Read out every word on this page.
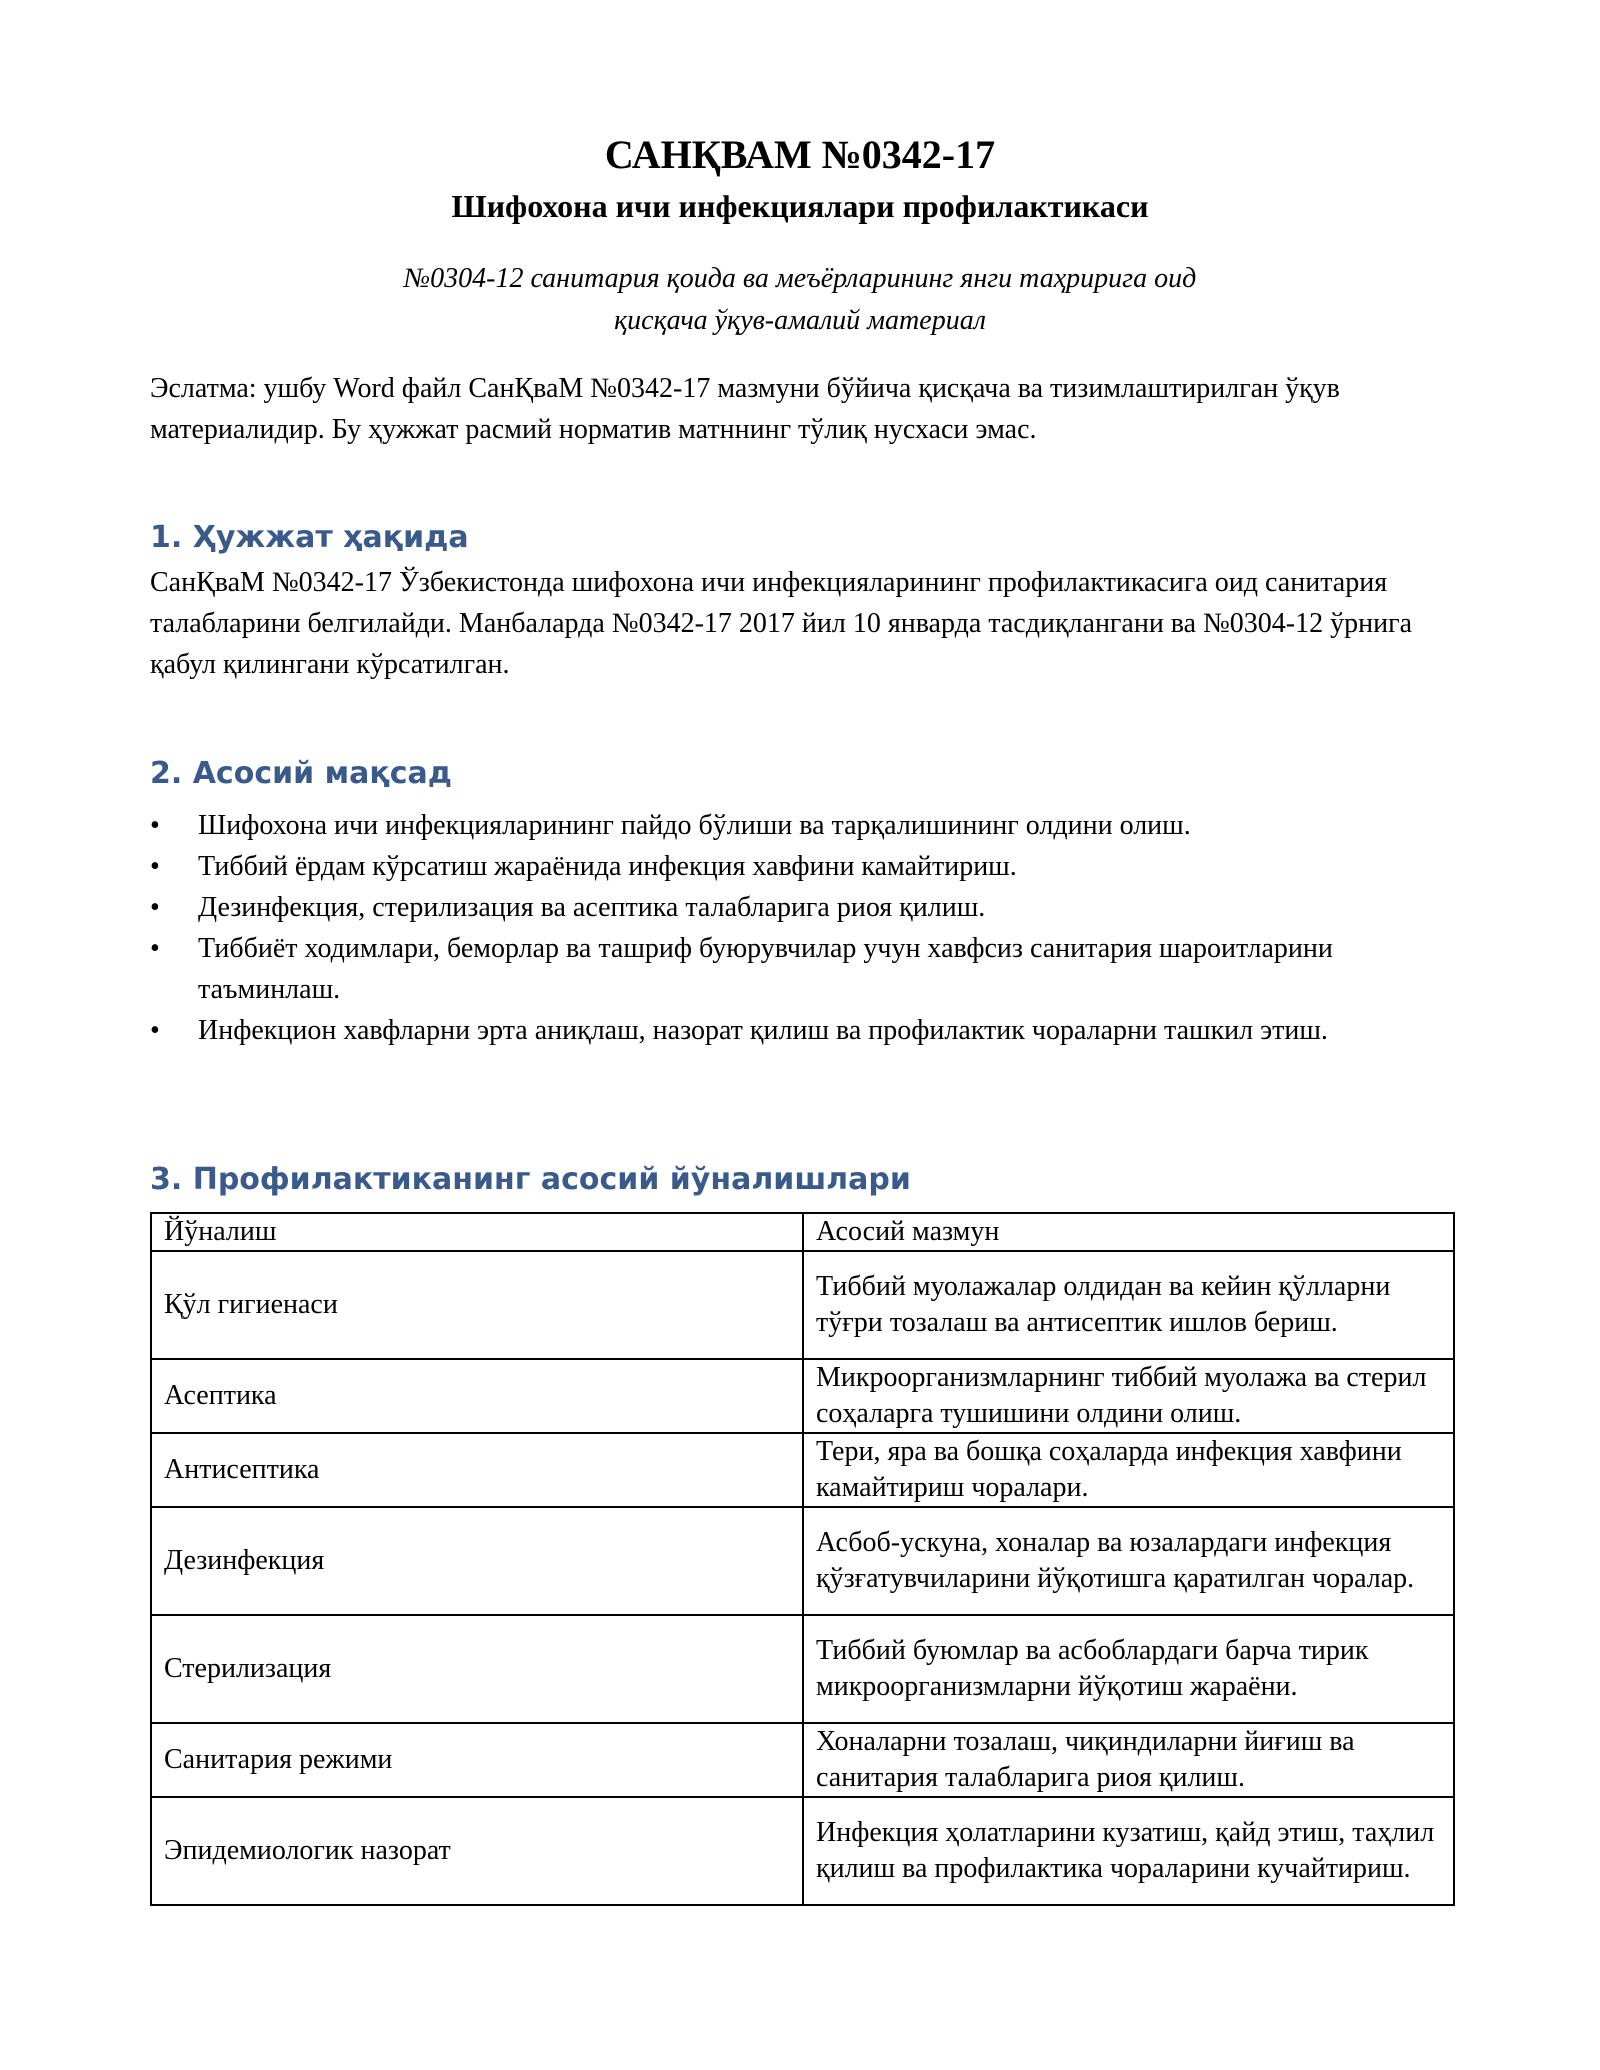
САНҚВАМ №0342-17
Шифохона ичи инфекциялари профилактикаси
№0304-12 санитария қоида ва меъёрларининг янги таҳририга оид
қисқача ўқув-амалий материал

Эслатма: ушбу Word файл СанҚваМ №0342-17 мазмуни бўйича қисқача ва тизимлаштирилган ўқув материалидир. Бу ҳужжат расмий норматив матннинг тўлиқ нусхаси эмас.

1. Ҳужжат ҳақида

СанҚваМ №0342-17 Ўзбекистонда шифохона ичи инфекцияларининг профилактикасига оид санитария талабларини белгилайди. Манбаларда №0342-17 2017 йил 10 январда тасдиқлангани ва №0304-12 ўрнига қабул қилингани кўрсатилган.

2. Асосий мақсад
•	Шифохона ичи инфекцияларининг пайдо бўлиши ва тарқалишининг олдини олиш.
•	Тиббий ёрдам кўрсатиш жараёнида инфекция хавфини камайтириш.
•	Дезинфекция, стерилизация ва асептика талабларига риоя қилиш.
•	Тиббиёт ходимлари, беморлар ва ташриф буюрувчилар учун хавфсиз санитария шароитларини таъминлаш.
•	Инфекцион хавфларни эрта аниқлаш, назорат қилиш ва профилактик чораларни ташкил этиш.
3. Профилактиканинг асосий йўналишлари
Йўналиш	Асосий мазмун
Қўл гигиенаси	Тиббий муолажалар олдидан ва кейин қўлларни тўғри тозалаш ва антисептик ишлов бериш.
Асептика	Микроорганизмларнинг тиббий муолажа ва стерил соҳаларга тушишини олдини олиш.
Антисептика	Тери, яра ва бошқа соҳаларда инфекция хавфини камайтириш чоралари.
Дезинфекция	Асбоб-ускуна, хоналар ва юзалардаги инфекция қўзғатувчиларини йўқотишга қаратилган чоралар.
Стерилизация	Тиббий буюмлар ва асбоблардаги барча тирик микроорганизмларни йўқотиш жараёни.
Санитария режими	Хоналарни тозалаш, чиқиндиларни йиғиш ва санитария талабларига риоя қилиш.
Эпидемиологик назорат	Инфекция ҳолатларини кузатиш, қайд этиш, таҳлил қилиш ва профилактика чораларини кучайтириш.
